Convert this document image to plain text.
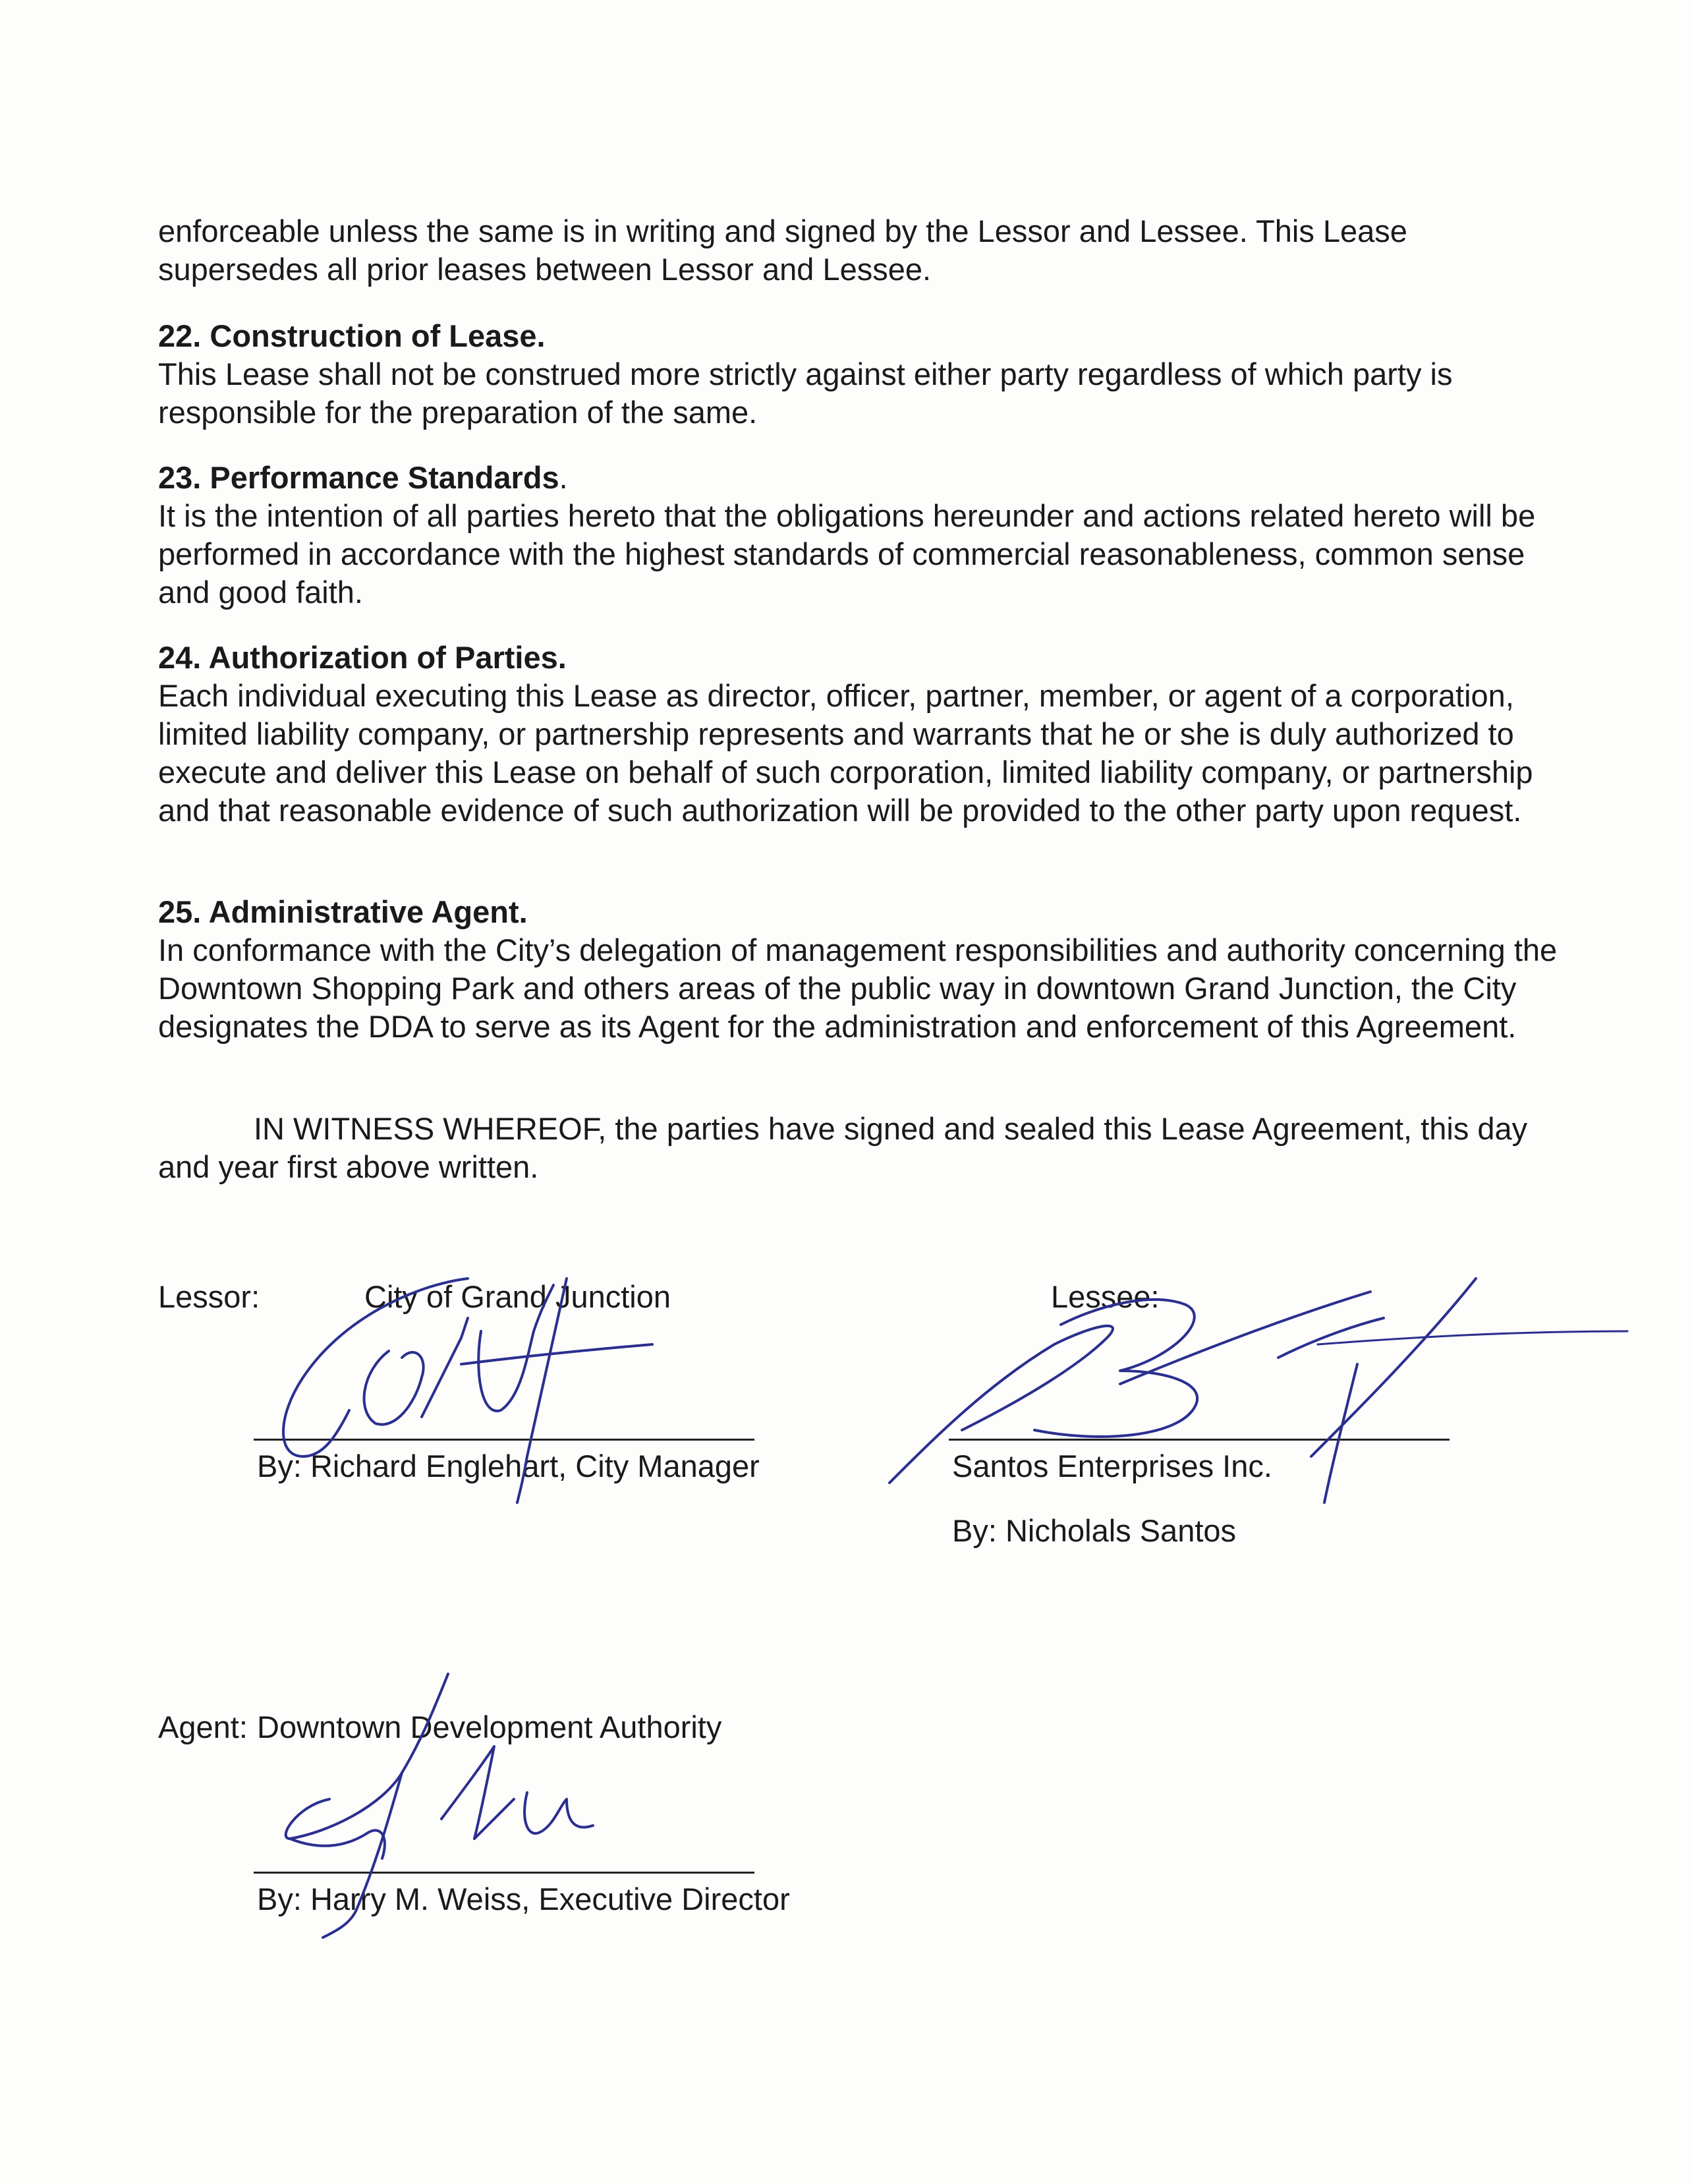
enforceable unless the same is in writing and signed by the Lessor and Lessee. This Lease supersedes all prior leases between Lessor and Lessee.

22. Construction of Lease.

This Lease shall not be construed more strictly against either party regardless of which party is responsible for the preparation of the same.

23. Performance Standards.

It is the intention of all parties hereto that the obligations hereunder and actions related hereto will be performed in accordance with the highest standards of commercial reasonableness, common sense and good faith.

24. Authorization of Parties.

Each individual executing this Lease as director, officer, partner, member, or agent of a corporation, limited liability company, or partnership represents and warrants that he or she is duly authorized to execute and deliver this Lease on behalf of such corporation, limited liability company, or partnership and that reasonable evidence of such authorization will be provided to the other party upon request.

25. Administrative Agent.

In conformance with the City’s delegation of management responsibilities and authority concerning the Downtown Shopping Park and others areas of the public way in downtown Grand Junction, the City designates the DDA to serve as its Agent for the administration and enforcement of this Agreement.

IN WITNESS WHEREOF, the parties have signed and sealed this Lease Agreement, this day and year first above written.

Lessor:	City of Grand Junction
By: Richard Englehart, City Manager
Lessee:
Santos Enterprises Inc.
By: Nicholals Santos
Agent: Downtown Development Authority
By: Harry M. Weiss, Executive Director
